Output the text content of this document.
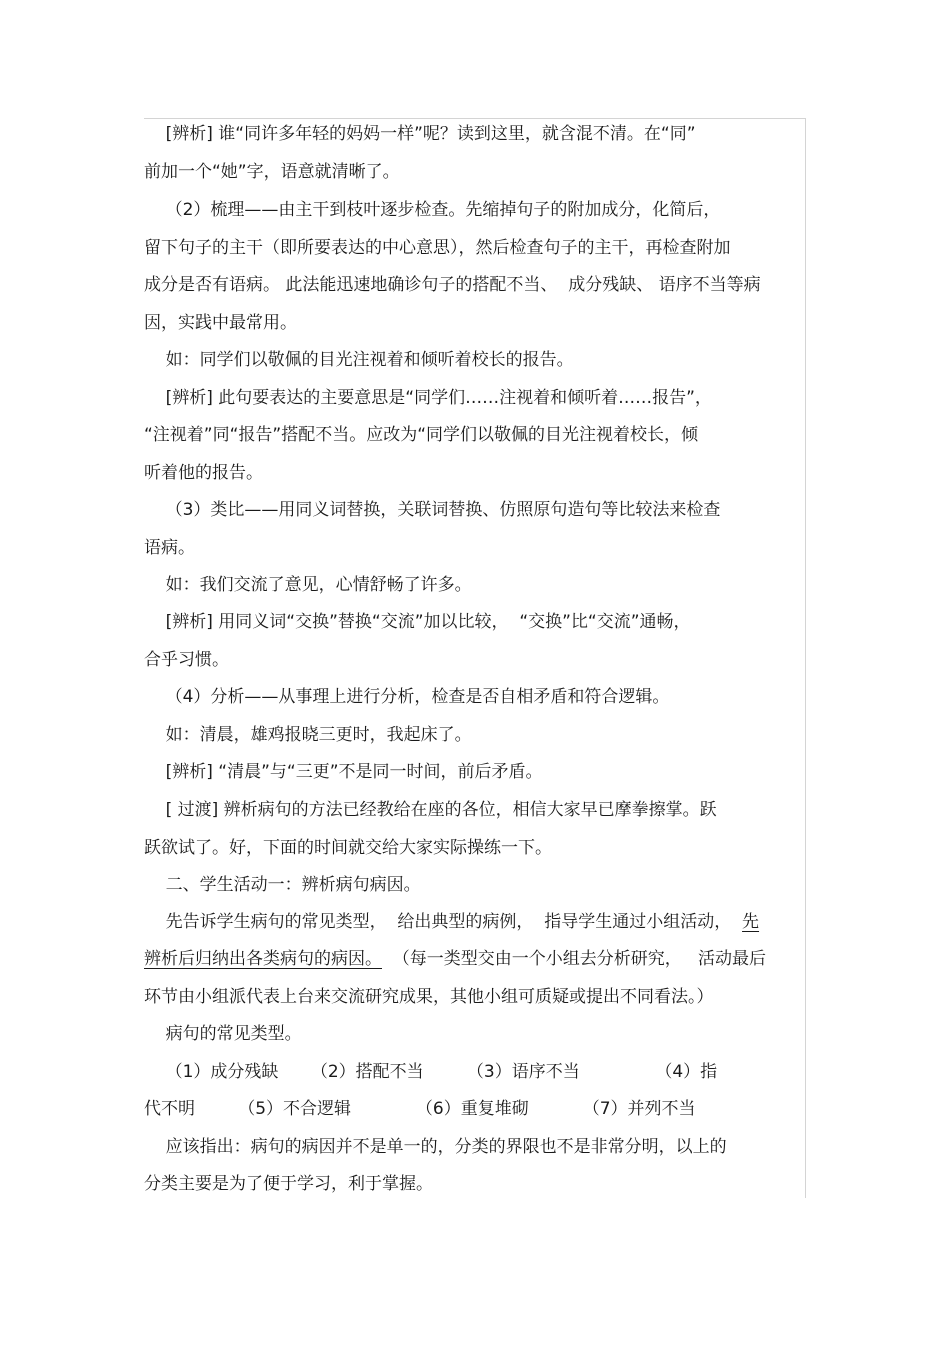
[辨析] 谁“同许多年轻的妈妈一样”呢？读到这里，就含混不清。在“同”
前加一个“她”字，语意就清晰了。
（2）梳理——由主干到枝叶逐步检查。先缩掉句子的附加成分，化简后，
留下句子的主干（即所要表达的中心意思），然后检查句子的主干，再检查附加
成分是否有语病。 此法能迅速地确诊句子的搭配不当、  成分残缺、 语序不当等病
因，实践中最常用。
如：同学们以敬佩的目光注视着和倾听着校长的报告。
[辨析] 此句要表达的主要意思是“同学们……注视着和倾听着……报告”，
“注视着”同“报告”搭配不当。应改为“同学们以敬佩的目光注视着校长，倾
听着他的报告。
（3）类比——用同义词替换，关联词替换、仿照原句造句等比较法来检查
语病。
如：我们交流了意见，心情舒畅了许多。
[辨析] 用同义词“交换”替换“交流”加以比较，  “交换”比“交流”通畅，
合乎习惯。
（4）分析——从事理上进行分析，检查是否自相矛盾和符合逻辑。
如：清晨，雄鸡报晓三更时，我起床了。
[辨析] “清晨”与“三更”不是同一时间，前后矛盾。
[ 过渡] 辨析病句的方法已经教给在座的各位，相信大家早已摩拳擦掌。跃
跃欲试了。好，下面的时间就交给大家实际操练一下。
二、学生活动一：辨析病句病因。
先告诉学生病句的常见类型，  给出典型的病例，  指导学生通过小组活动，  先
辨析后归纳出各类病句的病因。  （每一类型交由一个小组去分析研究，   活动最后
环节由小组派代表上台来交流研究成果，其他小组可质疑或提出不同看法。）
病句的常见类型。
（1）成分残缺      （2）搭配不当        （3）语序不当              （4）指
代不明        （5）不合逻辑            （6）重复堆砌          （7）并列不当
应该指出：病句的病因并不是单一的，分类的界限也不是非常分明，以上的
分类主要是为了便于学习，利于掌握。
